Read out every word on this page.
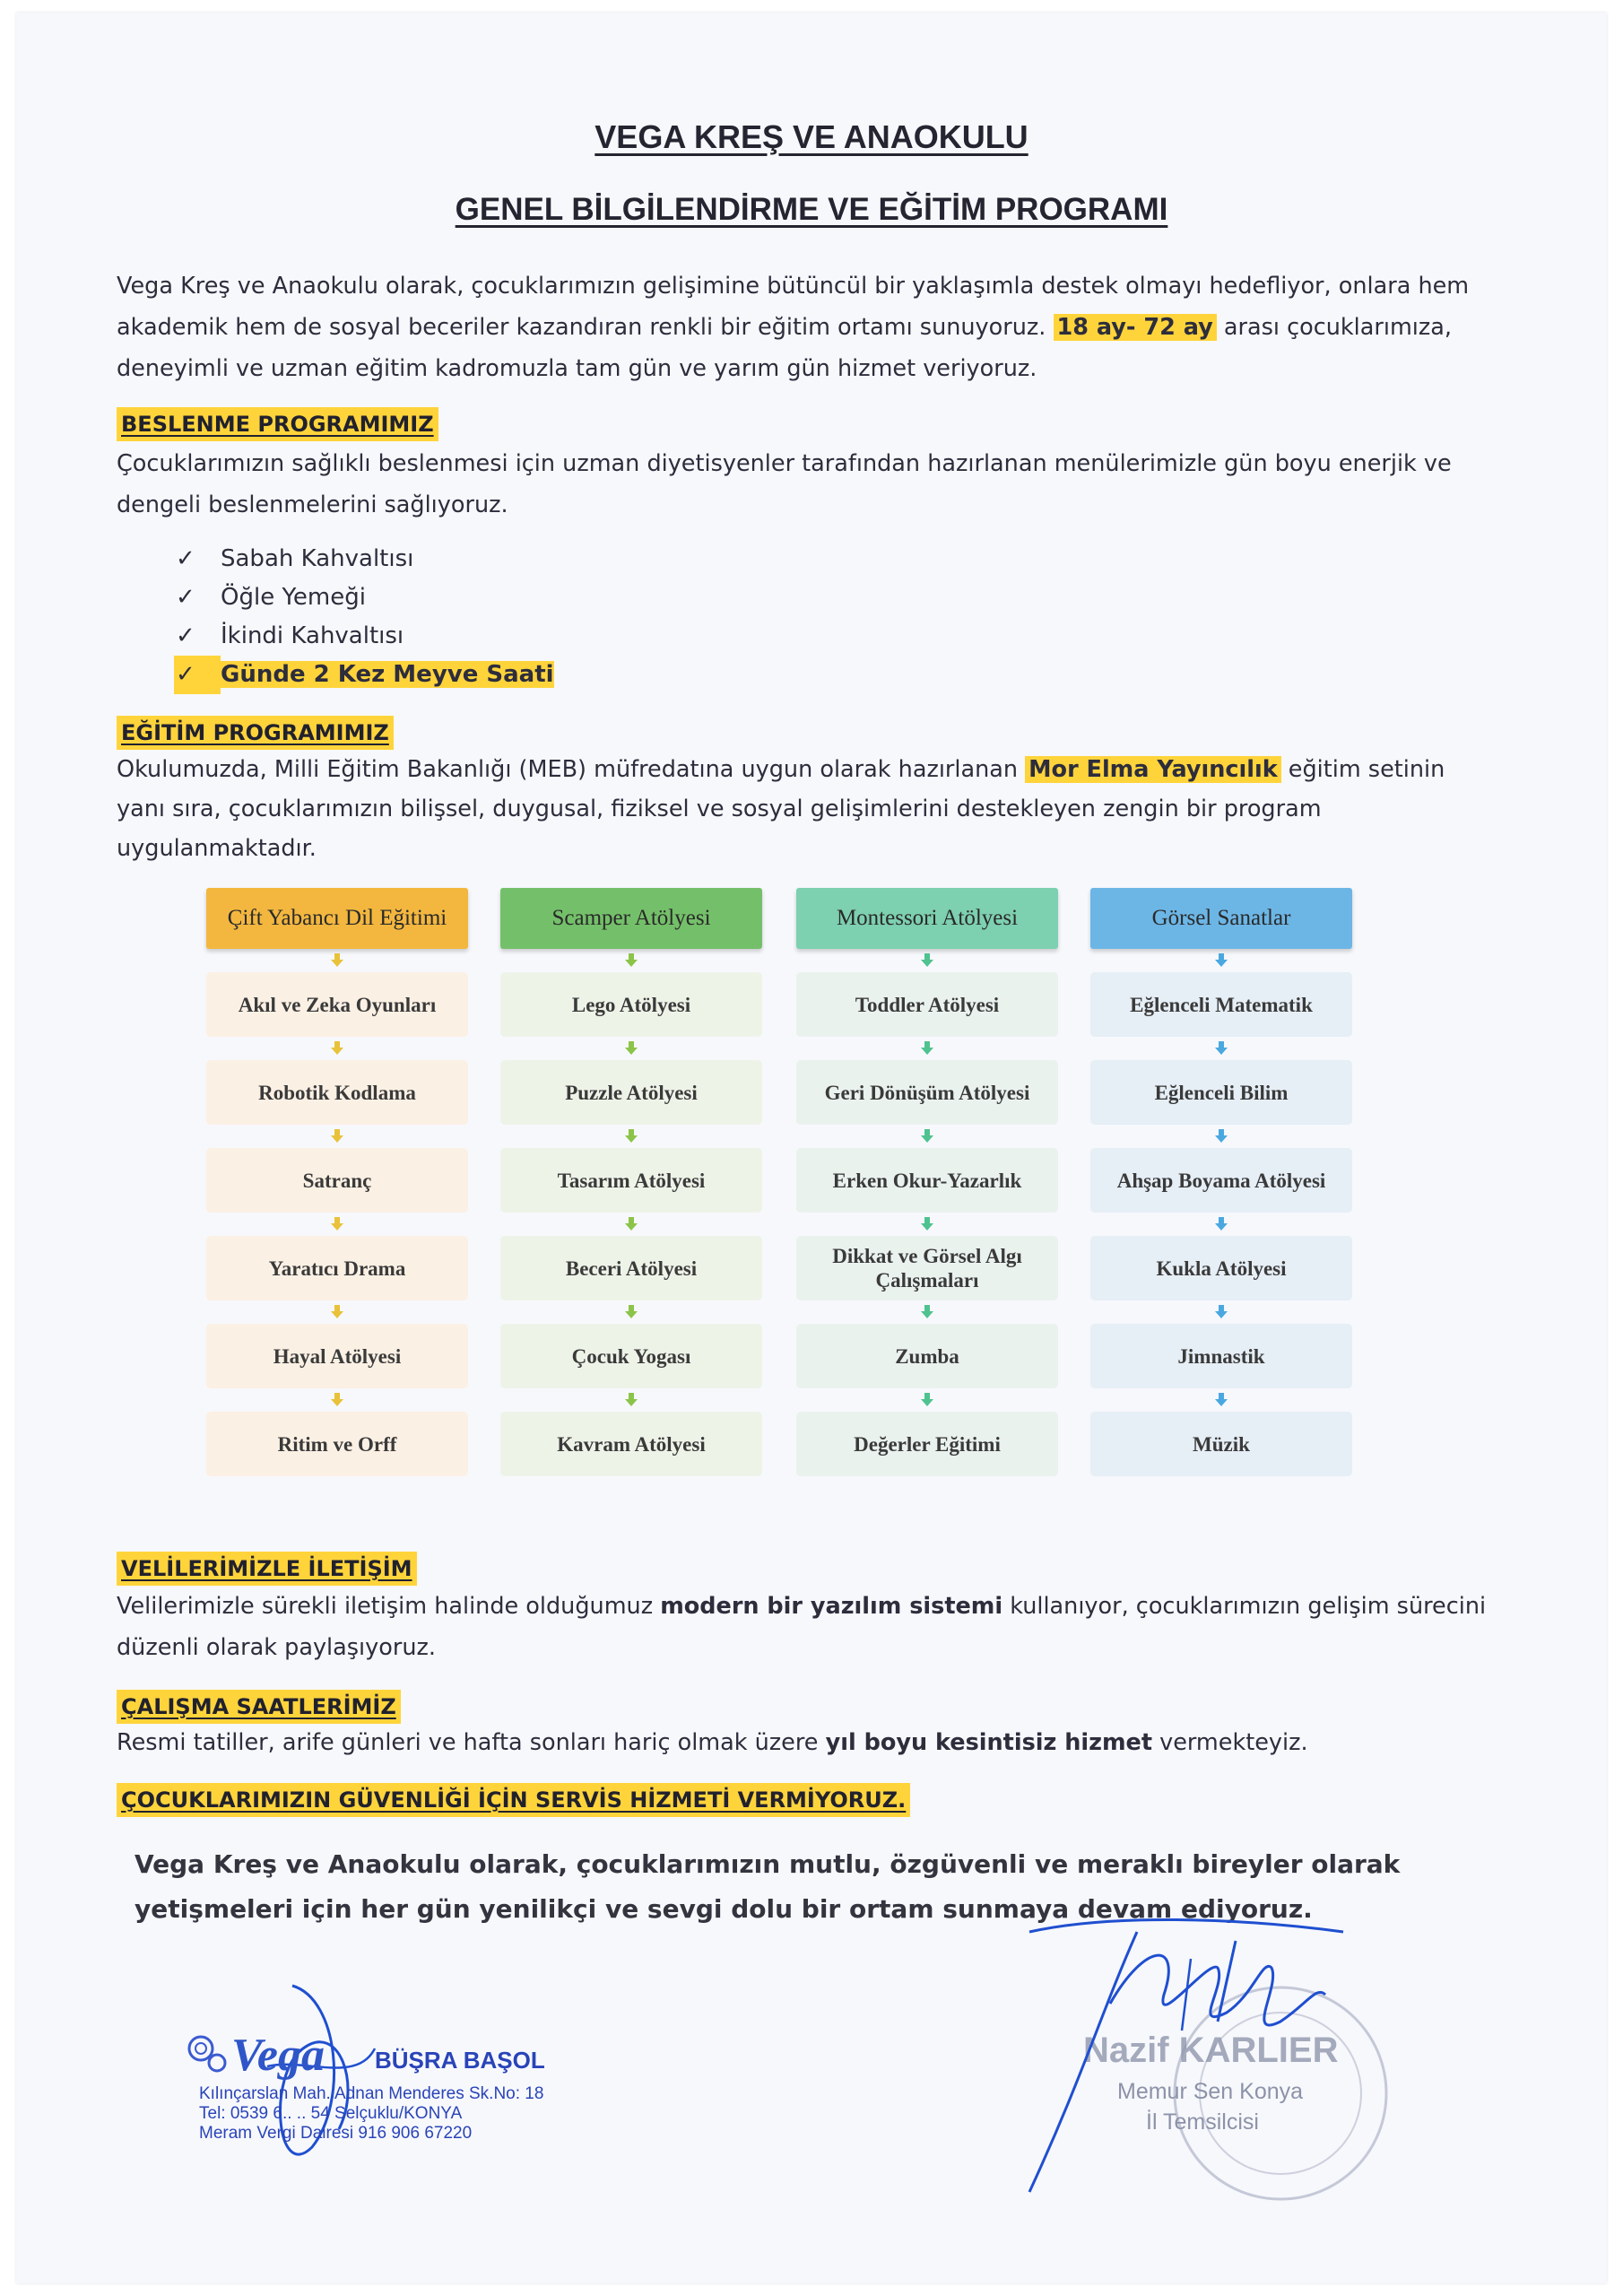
VEGA KREŞ VE ANAOKULU
GENEL BİLGİLENDİRME VE EĞİTİM PROGRAMI
Vega Kreş ve Anaokulu olarak, çocuklarımızın gelişimine bütüncül bir yaklaşımla destek olmayı hedefliyor, onlara hem akademik hem de sosyal beceriler kazandıran renkli bir eğitim ortamı sunuyoruz. 18 ay- 72 ay arası çocuklarımıza, deneyimli ve uzman eğitim kadromuzla tam gün ve yarım gün hizmet veriyoruz.
BESLENME PROGRAMIMIZ
Çocuklarımızın sağlıklı beslenmesi için uzman diyetisyenler tarafından hazırlanan menülerimizle gün boyu enerjik ve dengeli beslenmelerini sağlıyoruz.
✓ Sabah Kahvaltısı
✓ Öğle Yemeği
✓ İkindi Kahvaltısı
✓ Günde 2 Kez Meyve Saati
EĞİTİM PROGRAMIMIZ
Okulumuzda, Milli Eğitim Bakanlığı (MEB) müfredatına uygun olarak hazırlanan Mor Elma Yayıncılık eğitim setinin yanı sıra, çocuklarımızın bilişsel, duygusal, fiziksel ve sosyal gelişimlerini destekleyen zengin bir program uygulanmaktadır.
Çift Yabancı Dil Eğitimi
Akıl ve Zeka Oyunları
Robotik Kodlama
Satranç
Yaratıcı Drama
Hayal Atölyesi
Ritim ve Orff
Scamper Atölyesi
Lego Atölyesi
Puzzle Atölyesi
Tasarım Atölyesi
Beceri Atölyesi
Çocuk Yogası
Kavram Atölyesi
Montessori Atölyesi
Toddler Atölyesi
Geri Dönüşüm Atölyesi
Erken Okur-Yazarlık
Dikkat ve Görsel Algı Çalışmaları
Zumba
Değerler Eğitimi
Görsel Sanatlar
Eğlenceli Matematik
Eğlenceli Bilim
Ahşap Boyama Atölyesi
Kukla Atölyesi
Jimnastik
Müzik
VELİLERİMİZLE İLETİŞİM
Velilerimizle sürekli iletişim halinde olduğumuz modern bir yazılım sistemi kullanıyor, çocuklarımızın gelişim sürecini düzenli olarak paylaşıyoruz.
ÇALIŞMA SAATLERİMİZ
Resmi tatiller, arife günleri ve hafta sonları hariç olmak üzere yıl boyu kesintisiz hizmet vermekteyiz.
ÇOCUKLARIMIZIN GÜVENLİĞİ İÇİN SERVİS HİZMETİ VERMİYORUZ.
Vega Kreş ve Anaokulu olarak, çocuklarımızın mutlu, özgüvenli ve meraklı bireyler olarak yetişmeleri için her gün yenilikçi ve sevgi dolu bir ortam sunmaya devam ediyoruz.
Vega BÜŞRA BAŞOL
Kılınçarslan Mah. Adnan Menderes Sk.No: 18
Tel: 0539 6.. .. 54 Selçuklu/KONYA
Meram Vergi Dairesi 916 906 67220
Nazif KARLIER
Memur Sen Konya
İl Temsilcisi
